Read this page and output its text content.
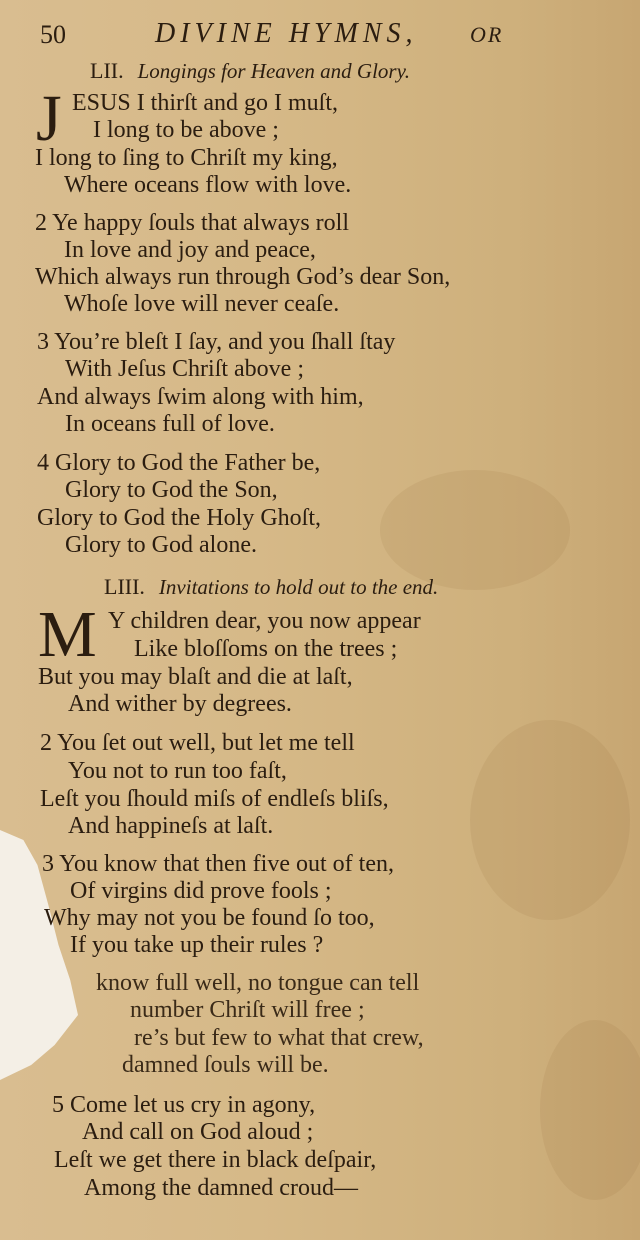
50	DIVINE HYMNS, OR
LII. Longings for Heaven and Glory.
J ESUS I thirſt and go I muſt,
I long to be above ;
I long to ſing to Chriſt my king,
Where oceans flow with love.
2 Ye happy ſouls that always roll
In love and joy and peace,
Which always run through God’s dear Son,
Whoſe love will never ceaſe.
3 You’re bleſt I ſay, and you ſhall ſtay
With Jeſus Chriſt above ;
And always ſwim along with him,
In oceans full of love.
4 Glory to God the Father be,
Glory to God the Son,
Glory to God the Holy Ghoſt,
Glory to God alone.
LIII. Invitations to hold out to the end.
M Y children dear, you now appear
Like bloſſoms on the trees ;
But you may blaſt and die at laſt,
And wither by degrees.
2 You ſet out well, but let me tell
You not to run too faſt,
Leſt you ſhould miſs of endleſs bliſs,
And happineſs at laſt.
3 You know that then five out of ten,
Of virgins did prove fools ;
Why may not you be found ſo too,
If you take up their rules ?
know full well, no tongue can tell
number Chriſt will free ;
re’s but few to what that crew,
damned ſouls will be.
5 Come let us cry in agony,
And call on God aloud ;
Leſt we get there in black deſpair,
Among the damned croud—
